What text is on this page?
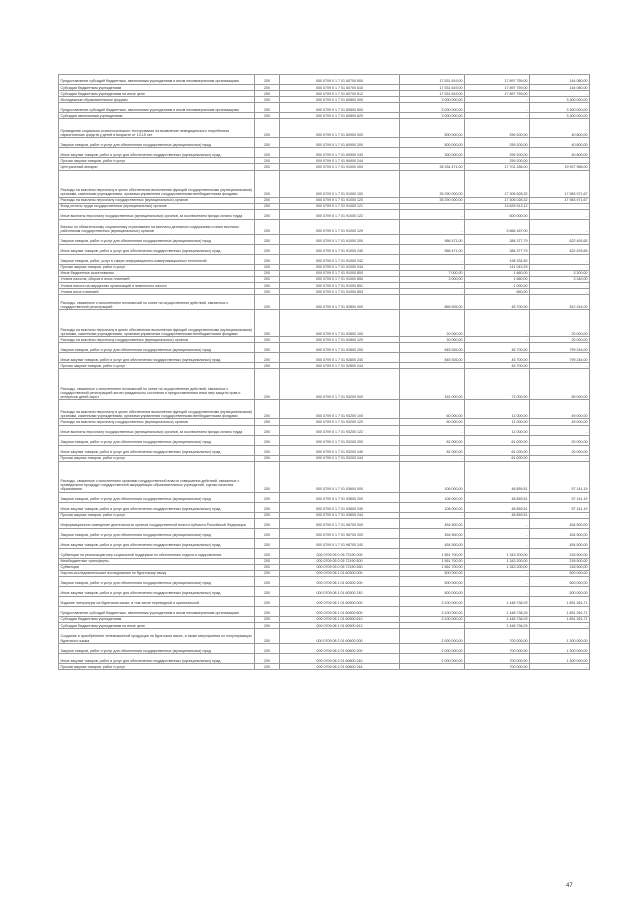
Предоставление субсидий бюджетным, автономным учреждениям и иным некоммерческим организациям	200	000 0709 0 1 7 01 60700 600	17 531 619,00	17 897 759,00	144 080,00
Субсидии бюджетным учреждениям	200	000 0709 0 1 7 01 60700 610	17 531 619,00	17 897 759,00	144 080,00
Субсидии бюджетным учреждениям на иные цели	200	000 0709 0 1 7 01 60700 612	17 531 619,00	17 897 759,00	-
Молодежные образовательные форумы	200	000 0709 0 1 7 01 60800 000	3 000 000,00	-	3 300 000,00
Предоставление субсидий бюджетным, автономным учреждениям и иным некоммерческим организациям	200	000 0709 0 1 7 01 60800 600	3 000 000,00	-	3 300 000,00
Субсидии автономным учреждениям	200	000 0709 0 1 7 01 60800 620	3 000 000,00	-	3 300 000,00
Проведение социально-психологического тестирования на выявление немедицинского потребления наркотических средств у детей в возрасте от 13-15 лет	200	000 0709 0 1 7 01 60900 000	500 000,00	259 200,00	40 800,00
Закупка товаров, работ и услуг для обеспечения государственных (муниципальных) нужд	200	000 0709 0 1 7 01 60900 200	500 000,00	259 200,00	40 800,00
Иные закупки товаров, работ и услуг для обеспечения государственных (муниципальных) нужд	200	000 0709 0 1 7 01 60900 240	300 000,00	259 200,00	40 800,00
Прочая закупка товаров, работ и услуг	200	000 0709 0 1 7 01 60900 244	-	259 200,00	-
Центральный аппарат	200	000 0709 0 1 7 01 91000 000	35 334 471,00	17 701 186,00	19 927 986,00
Расходы на выплаты персоналу в целях обеспечения выполнения функций государственными (муниципальными) органами, казенными учреждениями, органами управления государственными внебюджетными фондами	200	000 0709 0 1 7 01 91000 100	35 290 000,00	17 306 528,32	17 983 971,67
Расходы на выплаты персоналу государственных (муниципальных) органов	200	000 0709 0 1 7 01 91000 120	35 290 000,00	17 306 028,32	17 983 971,67
Фонд оплаты труда государственных (муниципальных) органов	200	000 0709 0 1 7 01 91000 121	-	13 639 513,12	-
Иные выплаты персоналу государственных (муниципальных) органов, за исключением фонда оплаты труда	200	000 0709 0 1 7 01 91000 122	-	500 000,00	-
Взносы по обязательному социальному страхованию на выплаты денежного содержания и иные выплаты работникам государственных (муниципальных) органов	200	000 0709 0 1 7 01 91000 129	-	3 666 167,00	-
Закупка товаров, работ и услуг для обеспечения государственных (муниципальных) нужд	200	000 0709 0 1 7 01 91000 200	966 471,00	384 377,79	622 493,65
Иные закупки товаров, работ и услуг для обеспечения государственных (муниципальных) нужд	200	000 0709 0 1 7 01 91000 240	966 471,00	384 377,79	622 493,65
Закупка товаров, работ, услуг в сфере информационно-коммуникационных технологий	200	000 0709 0 1 7 01 91000 242	-	196 334,50	-
Прочая закупка товаров, работ и услуг	200	000 0709 0 1 7 01 91000 244	-	141 043,29	-
Иные бюджетные ассигнования	200	000 0709 0 1 7 01 91000 800	7 000,00	1 660,00	3 300,00
Уплата налогов, сборов и иных платежей	200	000 0709 0 1 7 01 91000 850	3 000,00	1 660,00	3 340,00
Уплата налога на имущество организаций и земельного налога	200	000 0709 0 1 7 01 91000 851	-	1 000,00	-
Уплата иных платежей	200	000 0709 0 1 7 01 91000 853	-	660,00	-
Расходы, связанные с исполнением полномочий по опеке на осуществление действий, связанных с государственной регистрацией	200	000 0709 0 1 7 01 92800 000	865 926,00	45 700,00	812 244,00
Расходы на выплаты персоналу в целях обеспечения выполнения функций государственными (муниципальными) органами, казенными учреждениями, органами управления государственными внебюджетными фондами	200	000 0709 0 1 7 01 92800 100	20 000,00	-	20 000,00
Расходы на выплаты персоналу государственных (муниципальных) органов	200	000 0709 0 1 7 01 92800 120	20 000,00	-	20 000,00
Закупка товаров, работ и услуг для обеспечения государственных (муниципальных) нужд	200	000 0709 0 1 7 01 92800 200	845 926,00	45 700,00	799 244,00
Иные закупки товаров, работ и услуг для обеспечения государственных (муниципальных) нужд	200	000 0709 0 1 7 01 92800 240	845 926,00	45 700,00	799 244,00
Прочая закупка товаров, работ и услуг	200	000 0709 0 1 7 01 92800 244	-	45 700,00	-
Расходы, связанные с исполнением полномочий по опеке на осуществление действий, связанных с государственной регистрацией актов гражданского состояния и предоставлением иных мер защиты прав и интересов детей-сирот	200	000 0709 0 1 7 01 93200 000	162 000,00	72 000,00	89 000,00
Расходы на выплаты персоналу в целях обеспечения выполнения функций государственными (муниципальными) органами, казенными учреждениями, органами управления государственными внебюджетными фондами	200	000 0709 0 1 7 01 93200 100	60 000,00	11 000,00	49 000,00
Расходы на выплаты персоналу государственных (муниципальных) органов	200	000 0709 0 1 7 01 93200 120	60 000,00	11 000,00	49 000,00
Иные выплаты персоналу государственных (муниципальных) органов, за исключением фонда оплаты труда	200	000 0709 0 1 7 01 93200 122	-	11 000,00	-
Закупка товаров, работ и услуг для обеспечения государственных (муниципальных) нужд	200	000 0709 0 1 7 01 93200 200	82 000,00	61 000,00	20 000,00
Иные закупки товаров, работ и услуг для обеспечения государственных (муниципальных) нужд	200	000 0709 0 1 7 01 93200 240	82 000,00	61 000,00	20 000,00
Прочая закупка товаров, работ и услуг	200	000 0709 0 1 7 01 93200 244	-	61 000,00	-
Расходы, связанные с исполнением органами государственной власти совершения действий, связанных с проведением процедур государственной аккредитации образовательных учреждений, оценки качества образования	200	000 0709 0 1 7 01 93600 000	106 000,00	48 859,51	57 141,19
Закупка товаров, работ и услуг для обеспечения государственных (муниципальных) нужд	200	000 0709 0 1 7 01 93600 200	106 000,00	48 859,51	57 141,19
Иные закупки товаров, работ и услуг для обеспечения государственных (муниципальных) нужд	200	000 0709 0 1 7 01 93600 240	106 000,00	48 859,51	57 141,19
Прочая закупка товаров, работ и услуг	200	000 0709 0 1 7 01 93600 244	-	48 859,51	-
Информационное освещение деятельности органов государственной власти субъекта Российской Федерации	200	000 0709 0 1 7 01 96700 000	454 500,00	-	454 500,00
Закупка товаров, работ и услуг для обеспечения государственных (муниципальных) нужд	200	000 0709 0 1 7 01 96700 200	454 500,00	-	454 500,00
Иные закупки товаров, работ и услуг для обеспечения государственных (муниципальных) нужд	200	000 0709 0 1 7 01 96700 240	454 500,00	-	454 500,00
Субвенции на реализацию мер социальной поддержки по обеспечению отдыха и оздоровления	200	000 0709 05 0 05 72190 000	1 561 700,00	1 343 200,00	218 500,00
Межбюджетные трансферты	200	000 0709 05 0 05 72190 500	1 561 700,00	1 343 200,00	218 500,00
Субвенции	200	000 0709 05 0 05 72190 530	1 561 700,00	1 343 200,00	218 500,00
Научно-исследовательские исследования по бурятскому языку	200	000 0709 08 1 01 60300 000	500 000,00	-	500 000,00
Закупка товаров, работ и услуг для обеспечения государственных (муниципальных) нужд	200	000 0709 08 1 01 60300 200	500 000,00	-	500 000,00
Иные закупки товаров, работ и услуг для обеспечения государственных (муниципальных) нужд	200	000 0709 08 1 01 60300 240	500 000,00	-	500 000,00
Издание литературы на бурятском языке, в том числе переводной и оригинальной	200	000 0709 08 1 01 60500 000	3 100 000,00	1 448 738,29	1 651 261,71
Предоставление субсидий бюджетным, автономным учреждениям и иным некоммерческим организациям	200	000 0709 08 1 01 60500 600	3 100 000,00	1 448 738,29	1 651 261,71
Субсидии бюджетным учреждениям	200	000 0709 08 1 01 60500 610	3 100 000,00	1 448 738,29	1 651 261,71
Субсидии бюджетным учреждениям на иные цели	200	000 0709 08 1 01 60500 612	-	1 448 738,29	-
Создание и приобретение телевизионной продукции на бурятском языке, а также мероприятия по популяризации бурятского языка	200	000 0709 08 2 01 60600 000	2 000 000,00	700 000,00	1 300 000,00
Закупка товаров, работ и услуг для обеспечения государственных (муниципальных) нужд	200	000 0709 08 2 01 60600 200	2 000 000,00	700 000,00	1 300 000,00
Иные закупки товаров, работ и услуг для обеспечения государственных (муниципальных) нужд	200	000 0709 08 2 01 60600 240	2 000 000,00	700 000,00	1 300 000,00
Прочая закупка товаров, работ и услуг	200	000 0709 08 2 01 60600 244	-	700 000,00	-
47
